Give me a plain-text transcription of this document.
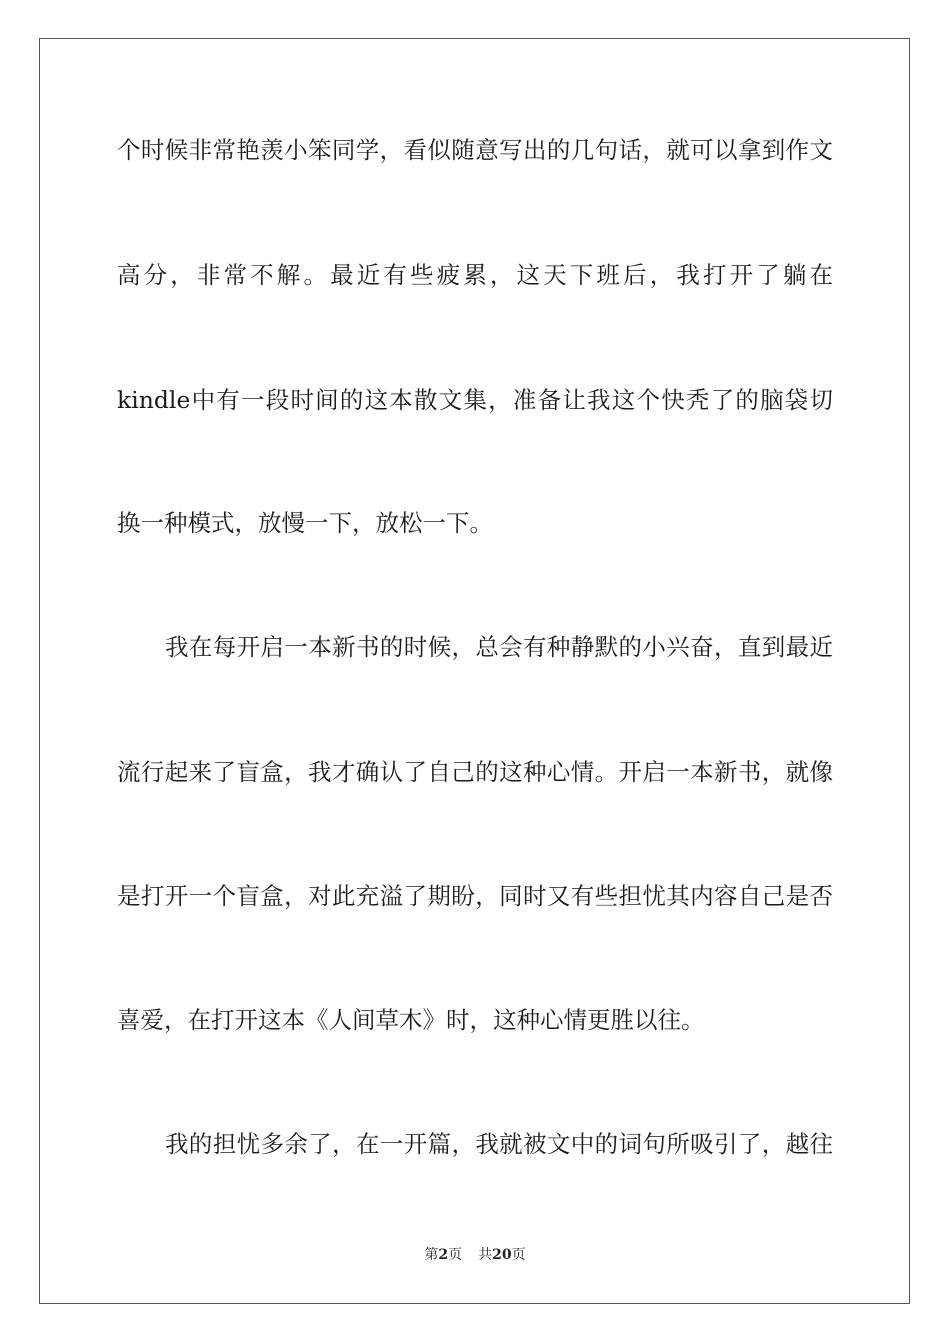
个时候非常艳羡小笨同学，看似随意写出的几句话，就可以拿到作文
高分，非常不解。最近有些疲累，这天下班后，我打开了躺在
kindle中有一段时间的这本散文集，准备让我这个快秃了的脑袋切
换一种模式，放慢一下，放松一下。
我在每开启一本新书的时候，总会有种静默的小兴奋，直到最近
流行起来了盲盒，我才确认了自己的这种心情。开启一本新书，就像
是打开一个盲盒，对此充溢了期盼，同时又有些担忧其内容自己是否
喜爱，在打开这本《人间草木》时，这种心情更胜以往。
我的担忧多余了，在一开篇，我就被文中的词句所吸引了，越往
第2页 共20页
